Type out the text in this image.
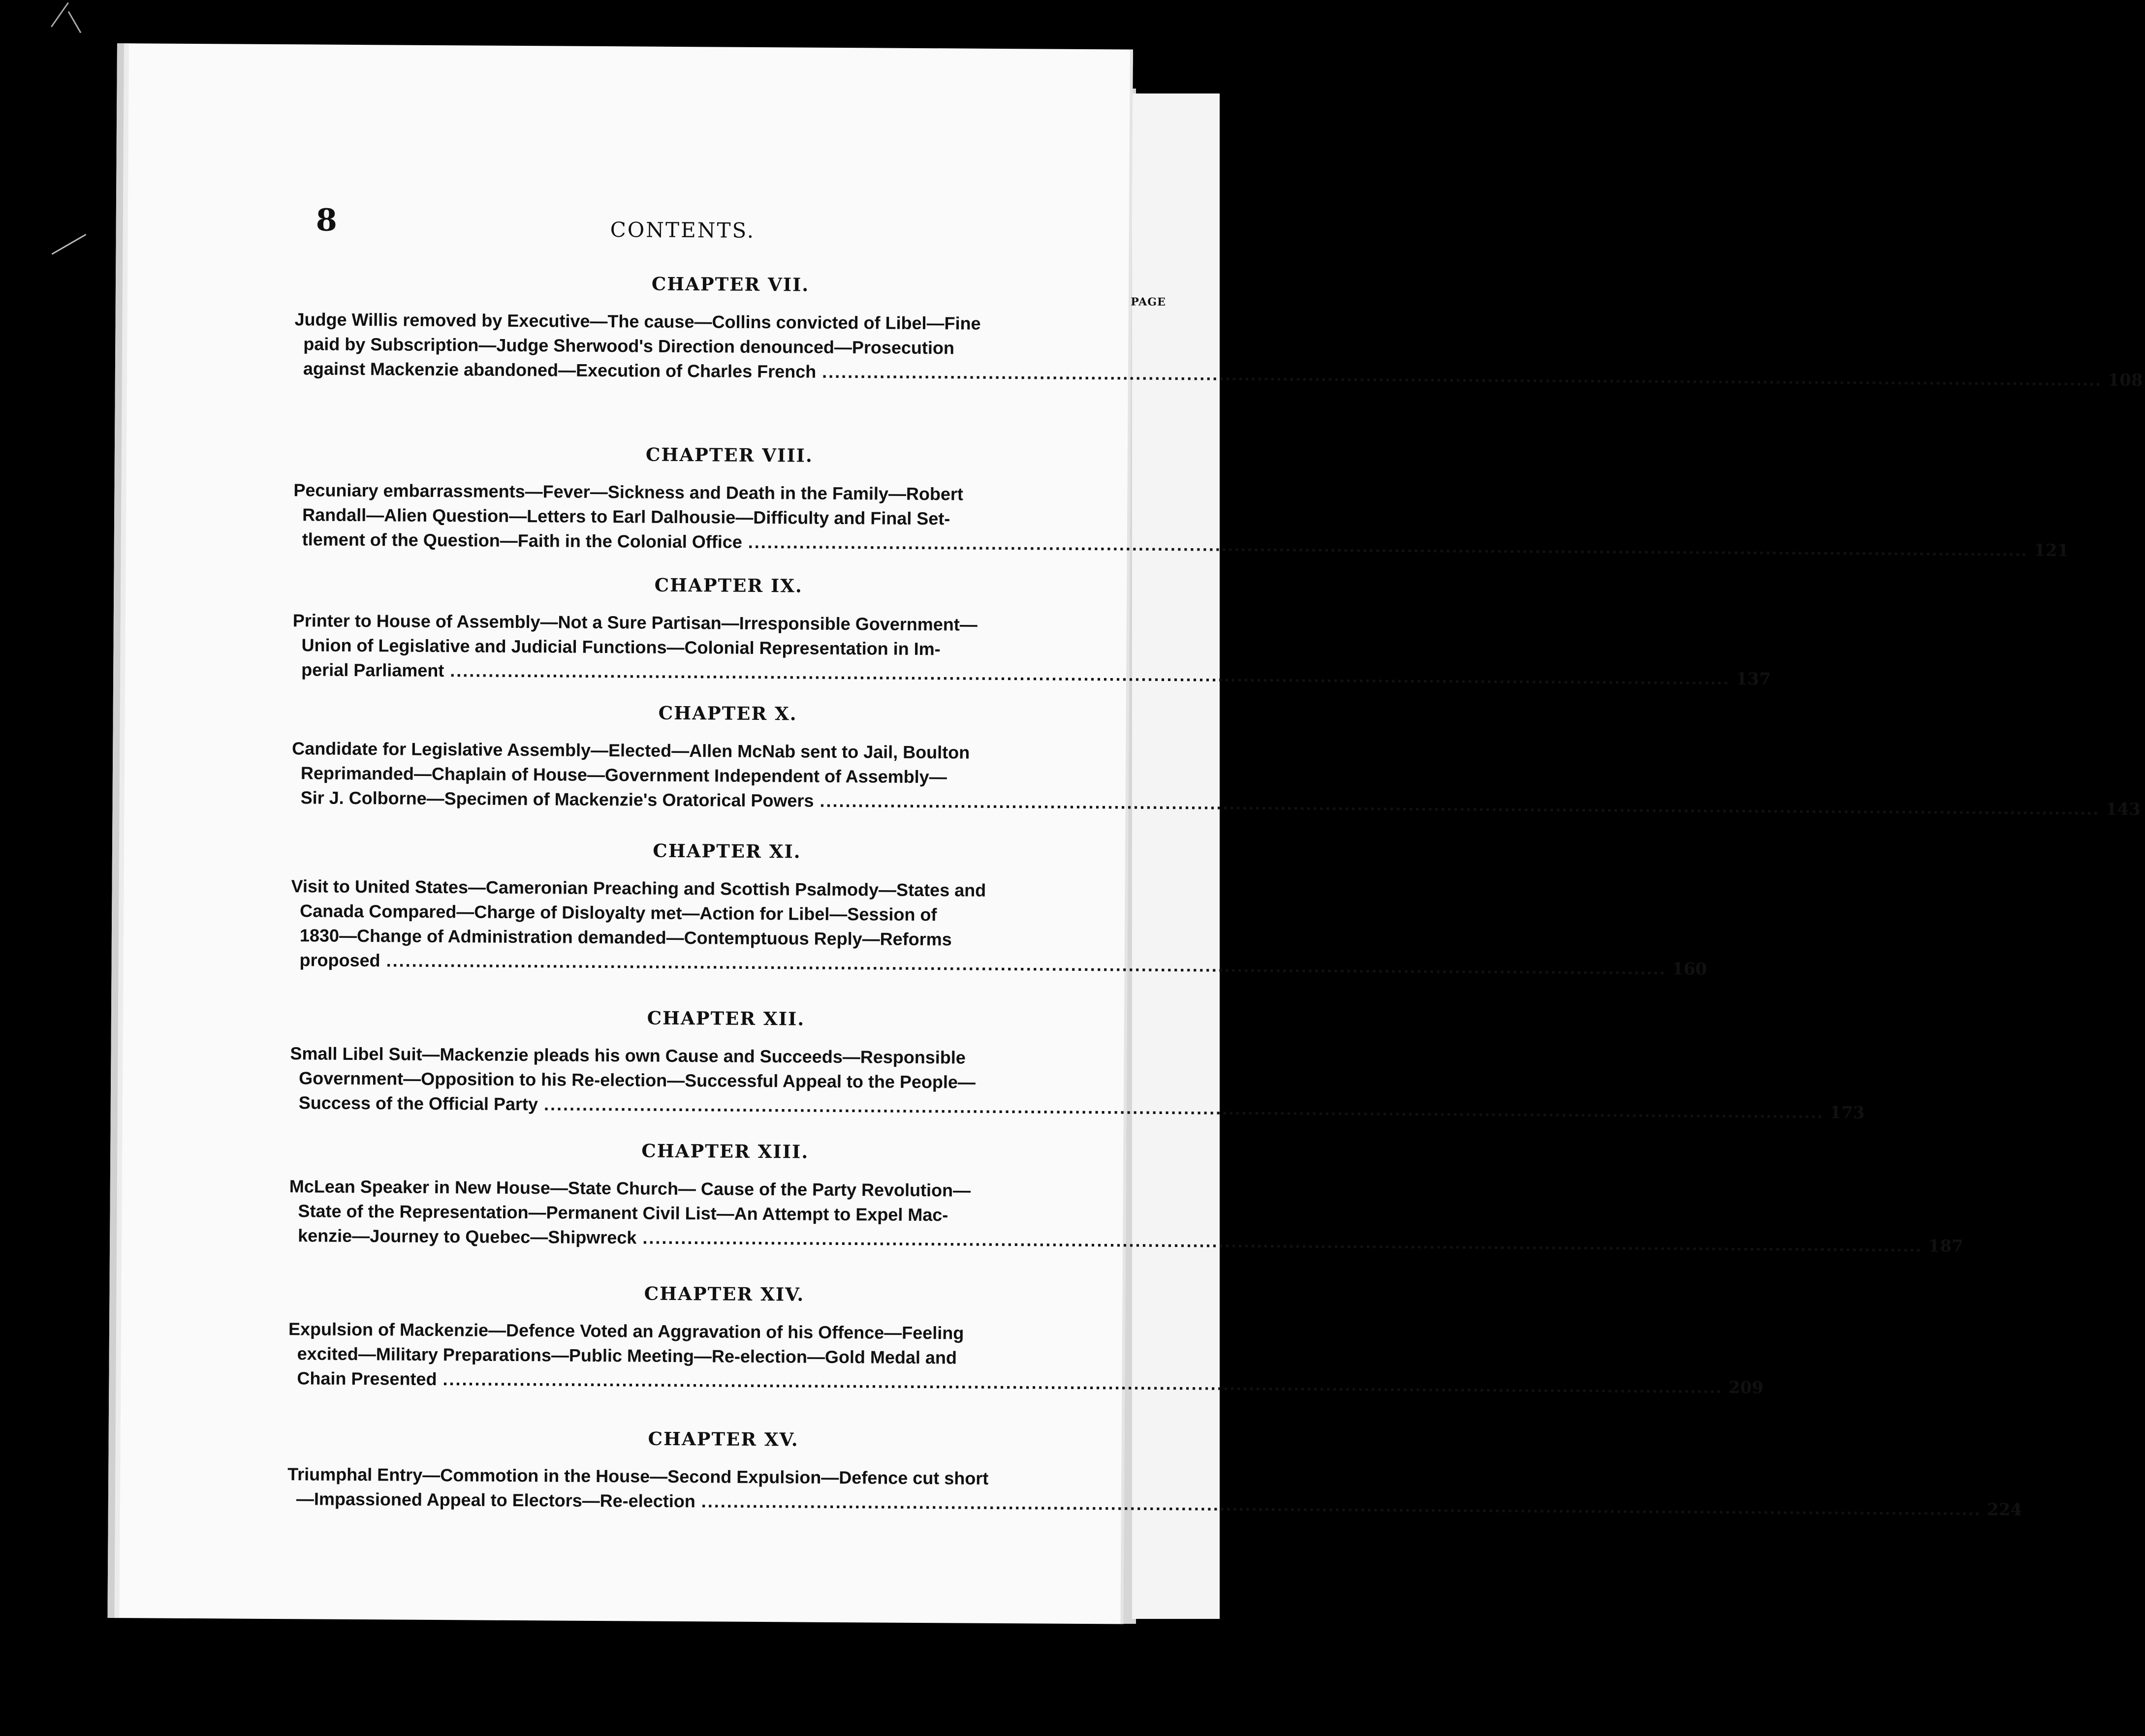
8	CONTENTS.
CHAPTER VII.
PAGE
Judge Willis removed by Executive—The cause—Collins convicted of Libel—Fine
paid by Subscription—Judge Sherwood's Direction denounced—Prosecution
against Mackenzie abandoned—Execution of Charles French ........................................................................................................................................................................................................ 108
CHAPTER VIII.
Pecuniary embarrassments—Fever—Sickness and Death in the Family—Robert
Randall—Alien Question—Letters to Earl Dalhousie—Difficulty and Final Set-
tlement of the Question—Faith in the Colonial Office ........................................................................................................................................................................................................ 121
CHAPTER IX.
Printer to House of Assembly—Not a Sure Partisan—Irresponsible Government—
Union of Legislative and Judicial Functions—Colonial Representation in Im-
perial Parliament ........................................................................................................................................................................................................ 137
CHAPTER X.
Candidate for Legislative Assembly—Elected—Allen McNab sent to Jail, Boulton
Reprimanded—Chaplain of House—Government Independent of Assembly—
Sir J. Colborne—Specimen of Mackenzie's Oratorical Powers ........................................................................................................................................................................................................ 143
CHAPTER XI.
Visit to United States—Cameronian Preaching and Scottish Psalmody—States and
Canada Compared—Charge of Disloyalty met—Action for Libel—Session of
1830—Change of Administration demanded—Contemptuous Reply—Reforms
proposed ........................................................................................................................................................................................................ 160
CHAPTER XII.
Small Libel Suit—Mackenzie pleads his own Cause and Succeeds—Responsible
Government—Opposition to his Re-election—Successful Appeal to the People—
Success of the Official Party ........................................................................................................................................................................................................ 173
CHAPTER XIII.
McLean Speaker in New House—State Church— Cause of the Party Revolution—
State of the Representation—Permanent Civil List—An Attempt to Expel Mac-
kenzie—Journey to Quebec—Shipwreck ........................................................................................................................................................................................................ 187
CHAPTER XIV.
Expulsion of Mackenzie—Defence Voted an Aggravation of his Offence—Feeling
excited—Military Preparations—Public Meeting—Re-election—Gold Medal and
Chain Presented ........................................................................................................................................................................................................ 209
CHAPTER XV.
Triumphal Entry—Commotion in the House—Second Expulsion—Defence cut short
—Impassioned Appeal to Electors—Re-election ........................................................................................................................................................................................................ 224
